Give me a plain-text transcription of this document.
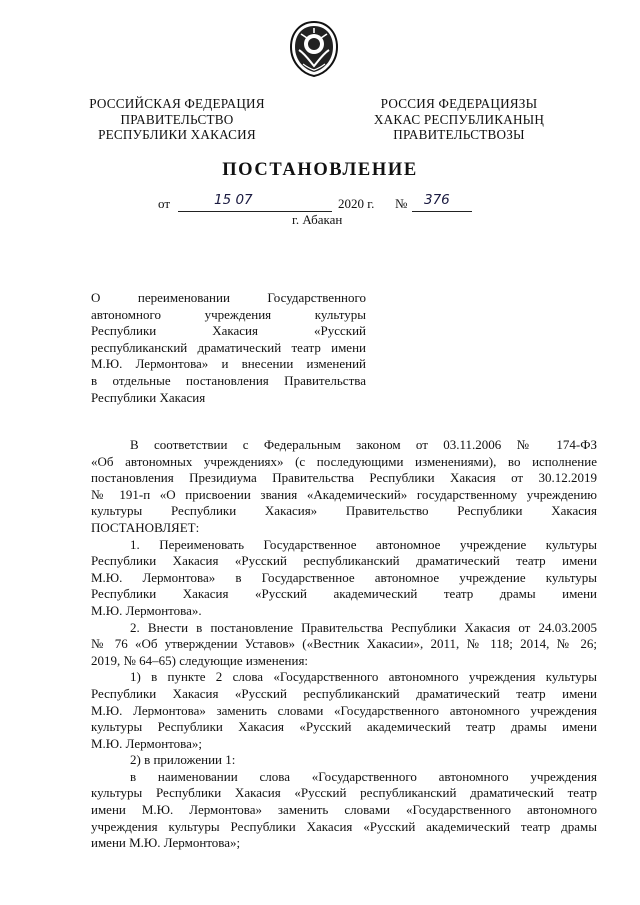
РОССИЙСКАЯ ФЕДЕРАЦИЯ
ПРАВИТЕЛЬСТВО
РЕСПУБЛИКИ ХАКАСИЯ
РОССИЯ ФЕДЕРАЦИЯЗЫ
ХАКАС РЕСПУБЛИКАНЫҢ
ПРАВИТЕЛЬСТВОЗЫ
ПОСТАНОВЛЕНИЕ
от	15 07	2020 г. № 376
г. Абакан
О переименовании Государственного
автономного учреждения культуры
Республики Хакасия «Русский
республиканский драматический театр имени
М.Ю. Лермонтова» и внесении изменений
в отдельные постановления Правительства
Республики Хакасия
В соответствии с Федеральным законом от 03.11.2006 № 174-ФЗ
«Об автономных учреждениях» (с последующими изменениями), во исполнение
постановления Президиума Правительства Республики Хакасия от 30.12.2019
№ 191-п «О присвоении звания «Академический» государственному учреждению
культуры Республики Хакасия» Правительство Республики Хакасия
ПОСТАНОВЛЯЕТ:
1. Переименовать Государственное автономное учреждение культуры
Республики Хакасия «Русский республиканский драматический театр имени
М.Ю. Лермонтова» в Государственное автономное учреждение культуры
Республики Хакасия «Русский академический театр драмы имени
М.Ю. Лермонтова».
2. Внести в постановление Правительства Республики Хакасия от 24.03.2005
№ 76 «Об утверждении Уставов» («Вестник Хакасии», 2011, № 118; 2014, № 26;
2019, № 64–65) следующие изменения:
1) в пункте 2 слова «Государственного автономного учреждения культуры
Республики Хакасия «Русский республиканский драматический театр имени
М.Ю. Лермонтова» заменить словами «Государственного автономного учреждения
культуры Республики Хакасия «Русский академический театр драмы имени
М.Ю. Лермонтова»;
2) в приложении 1:
в наименовании слова «Государственного автономного учреждения
культуры Республики Хакасия «Русский республиканский драматический театр
имени М.Ю. Лермонтова» заменить словами «Государственного автономного
учреждения культуры Республики Хакасия «Русский академический театр драмы
имени М.Ю. Лермонтова»;
